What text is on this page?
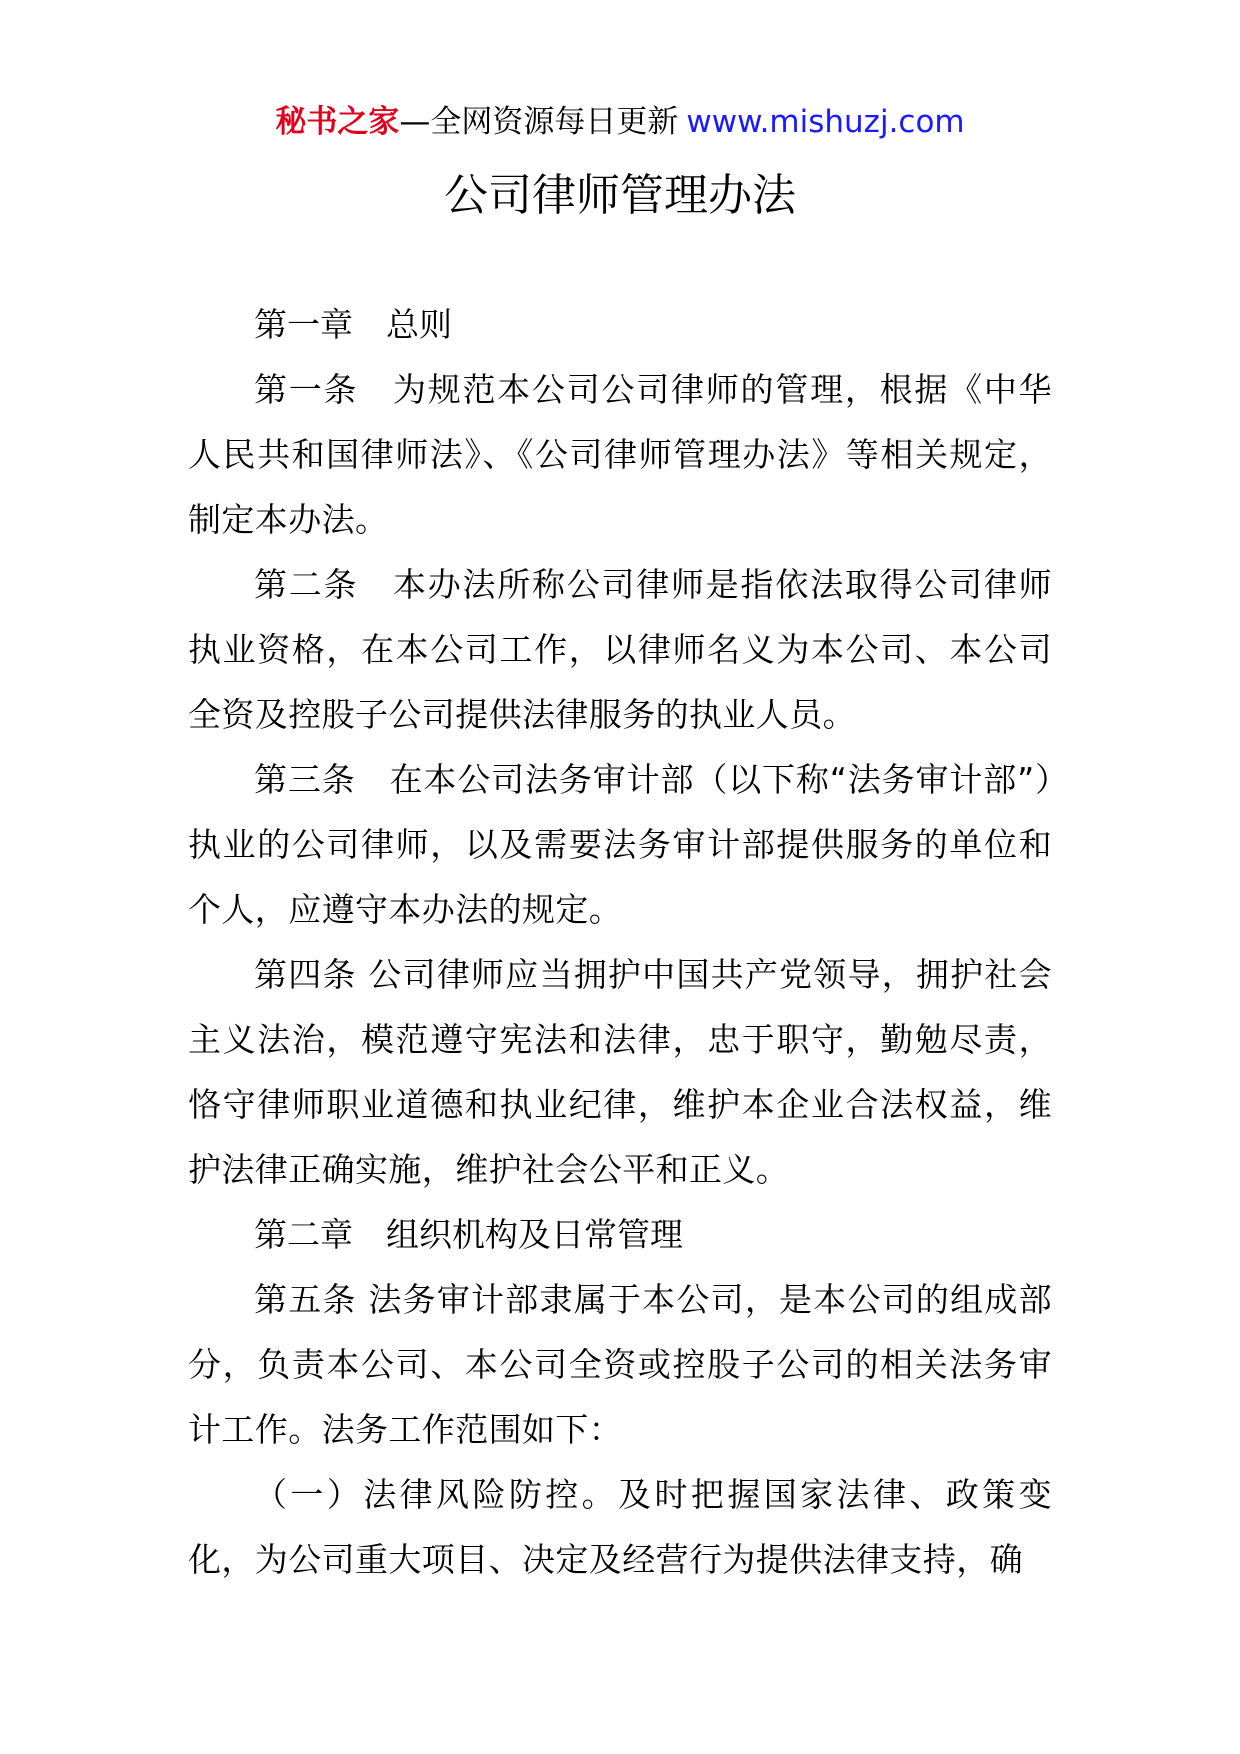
秘书之家—全网资源每日更新 www.mishuzj.com
公司律师管理办法

第一章　总则

第一条　为规范本公司公司律师的管理，根据《中华人民共和国律师法》、《公司律师管理办法》等相关规定，制定本办法。

第二条　本办法所称公司律师是指依法取得公司律师执业资格，在本公司工作，以律师名义为本公司、本公司全资及控股子公司提供法律服务的执业人员。

第三条　在本公司法务审计部（以下称“法务审计部”）执业的公司律师，以及需要法务审计部提供服务的单位和个人，应遵守本办法的规定。

第四条 公司律师应当拥护中国共产党领导，拥护社会主义法治，模范遵守宪法和法律，忠于职守，勤勉尽责，恪守律师职业道德和执业纪律，维护本企业合法权益，维护法律正确实施，维护社会公平和正义。

第二章　组织机构及日常管理

第五条 法务审计部隶属于本公司，是本公司的组成部分，负责本公司、本公司全资或控股子公司的相关法务审计工作。法务工作范围如下：

（一）法律风险防控。及时把握国家法律、政策变化，为公司重大项目、决定及经营行为提供法律支持，确
